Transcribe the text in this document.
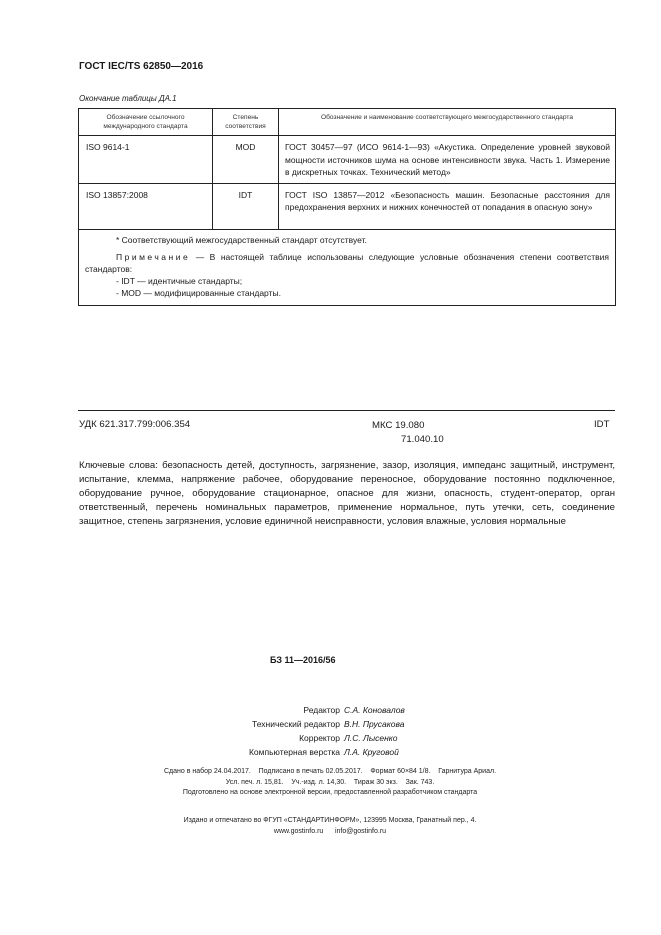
ГОСТ IEC/TS 62850—2016
Окончание таблицы ДА.1
Обозначение ссылочного международного стандарта	Степень соответствия	Обозначение и наименование соответствующего межгосударственного стандарта
ISO 9614-1	MOD	ГОСТ 30457—97 (ИСО 9614-1—93) «Акустика. Определение уровней звуковой мощности источников шума на основе интенсивности звука. Часть 1. Измерение в дискретных точках. Технический метод»
ISO 13857:2008	IDT	ГОСТ ISO 13857—2012 «Безопасность машин. Безопасные расстояния для предохранения верхних и нижних конечностей от попадания в опасную зону»

* Соответствующий межгосударственный стандарт отсутствует.
Примечание — В настоящей таблице использованы следующие условные обозначения степени соответствия стандартов:
- IDT — идентичные стандарты;
- MOD — модифицированные стандарты.		
УДК 621.317.799:006.354	МКС 19.080
71.040.10
IDT
Ключевые слова: безопасность детей, доступность, загрязнение, зазор, изоляция, импеданс защитный, инструмент, испытание, клемма, напряжение рабочее, оборудование переносное, оборудование постоянно подключенное, оборудование ручное, оборудование стационарное, опасное для жизни, опасность, студент-оператор, орган ответственный, перечень номинальных параметров, применение нормальное, путь утечки, сеть, соединение защитное, степень загрязнения, условие единичной неисправности, условия влажные, условия нормальные
БЗ 11—2016/56
Редактор С.А. Коновалов
Технический редактор В.Н. Прусакова
Корректор Л.С. Лысенко
Компьютерная верстка Л.А. Круговой
Сдано в набор 24.04.2017.    Подписано в печать 02.05.2017.    Формат 60×84 1/8.    Гарнитура Ариал.
Усл. печ. л. 15,81.    Уч.-изд. л. 14,30.    Тираж 30 экз.    Зак. 743.
Подготовлено на основе электронной версии, предоставленной разработчиком стандарта
Издано и отпечатано во ФГУП «СТАНДАРТИНФОРМ», 123995 Москва, Гранатный пер., 4.
www.gostinfo.ru      info@gostinfo.ru
